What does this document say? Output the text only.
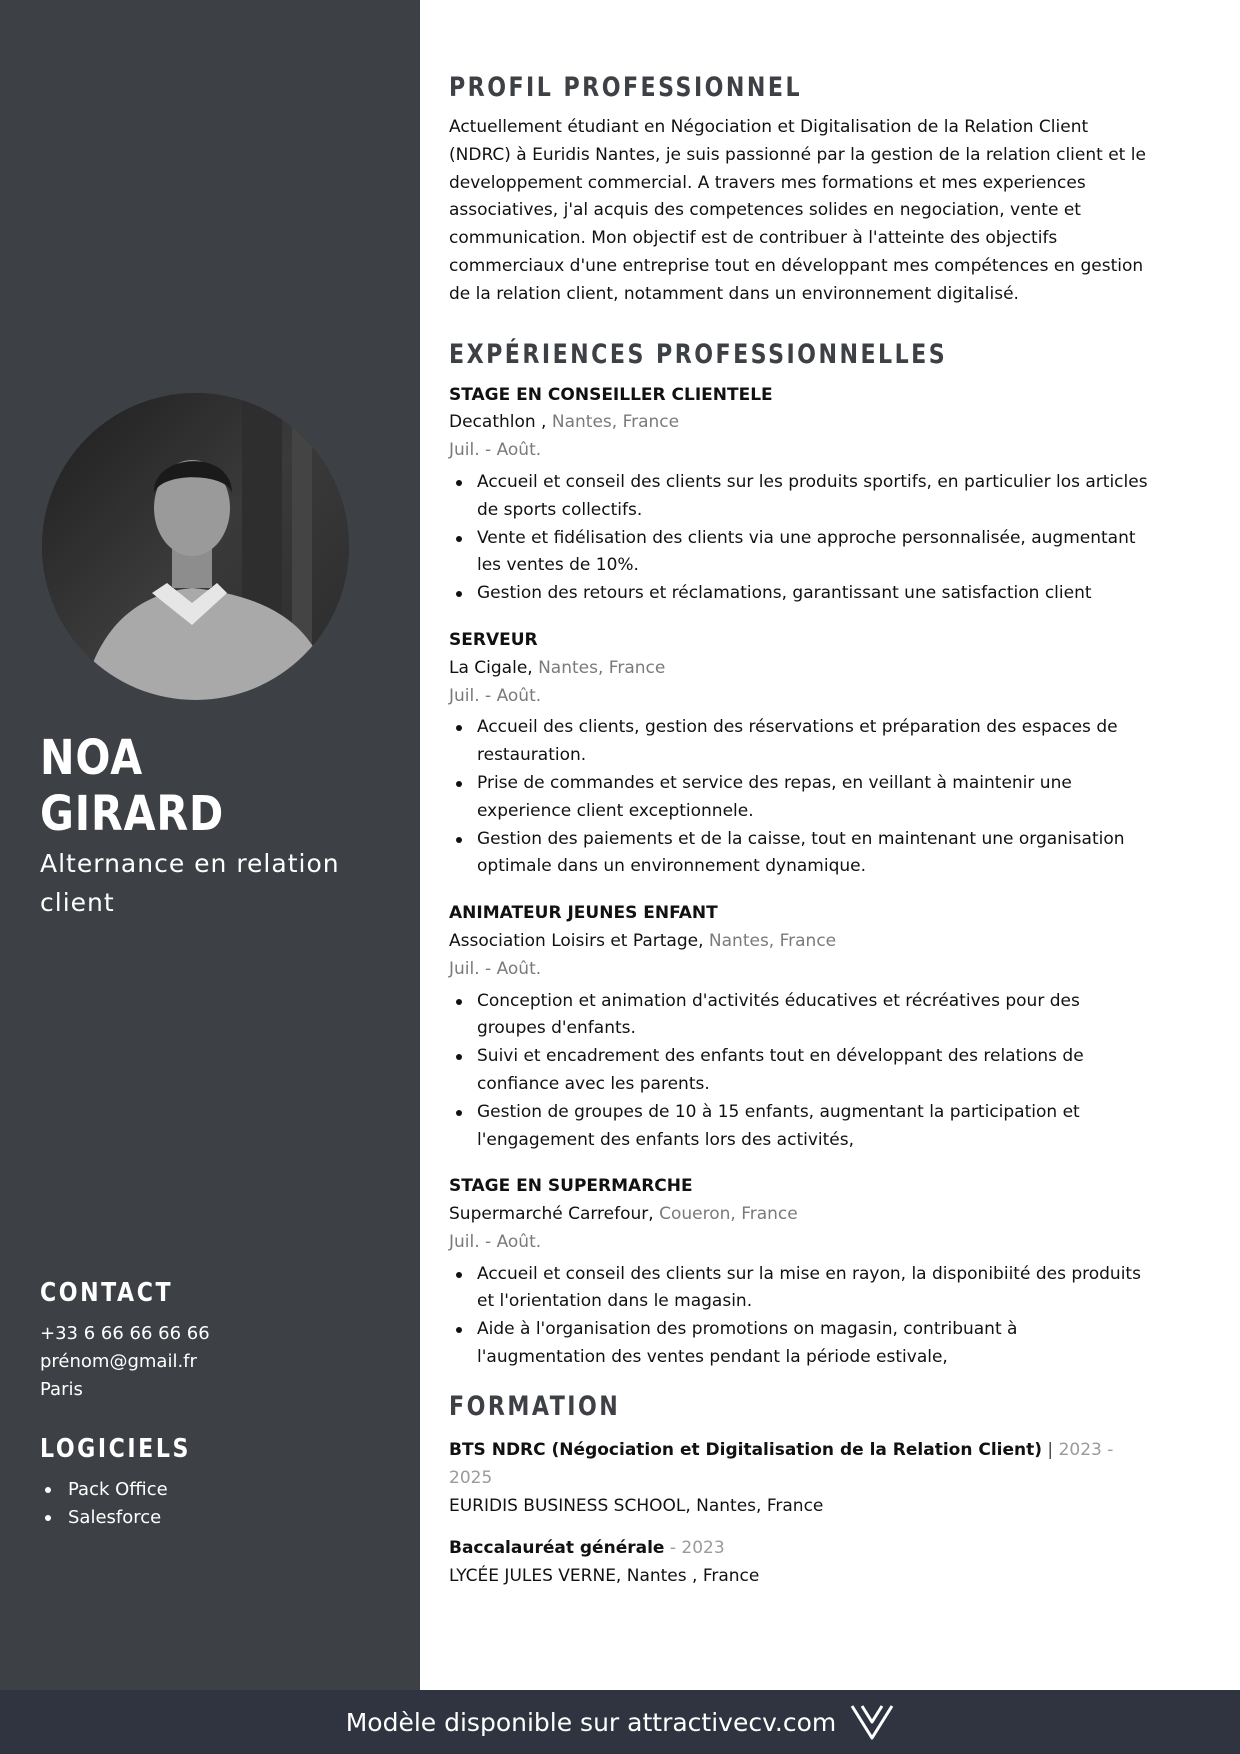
NOA
GIRARD
Alternance en relation client
CONTACT
+33 6 66 66 66 66
prénom@gmail.fr
Paris
LOGICIELS
Pack Office
Salesforce
PROFIL PROFESSIONNEL

Actuellement étudiant en Négociation et Digitalisation de la Relation Client (NDRC) à Euridis Nantes, je suis passionné par la gestion de la relation client et le developpement commercial. A travers mes formations et mes experiences associatives, j'al acquis des competences solides en negociation, vente et communication. Mon objectif est de contribuer à l'atteinte des objectifs commerciaux d'une entreprise tout en développant mes compétences en gestion de la relation client, notamment dans un environnement digitalisé.

EXPÉRIENCES PROFESSIONNELLES
STAGE EN CONSEILLER CLIENTELE
Decathlon , Nantes, France
Juil. - Août.
Accueil et conseil des clients sur les produits sportifs, en particulier los articles de sports collectifs.
Vente et fidélisation des clients via une approche personnalisée, augmentant les ventes de 10%.
Gestion des retours et réclamations, garantissant une satisfaction client
SERVEUR
La Cigale, Nantes, France
Juil. - Août.
Accueil des clients, gestion des réservations et préparation des espaces de restauration.
Prise de commandes et service des repas, en veillant à maintenir une experience client exceptionnele.
Gestion des paiements et de la caisse, tout en maintenant une organisation optimale dans un environnement dynamique.
ANIMATEUR JEUNES ENFANT
Association Loisirs et Partage, Nantes, France
Juil. - Août.
Conception et animation d'activités éducatives et récréatives pour des groupes d'enfants.
Suivi et encadrement des enfants tout en développant des relations de confiance avec les parents.
Gestion de groupes de 10 à 15 enfants, augmentant la participation et l'engagement des enfants lors des activités,
STAGE EN SUPERMARCHE
Supermarché Carrefour, Coueron, France
Juil. - Août.
Accueil et conseil des clients sur la mise en rayon, la disponibiité des produits et l'orientation dans le magasin.
Aide à l'organisation des promotions on magasin, contribuant à l'augmentation des ventes pendant la période estivale,
FORMATION
BTS NDRC (Négociation et Digitalisation de la Relation Client) | 2023 - 2025
EURIDIS BUSINESS SCHOOL, Nantes, France
Baccalauréat générale - 2023
LYCÉE JULES VERNE, Nantes , France
Modèle disponible sur attractivecv.com
